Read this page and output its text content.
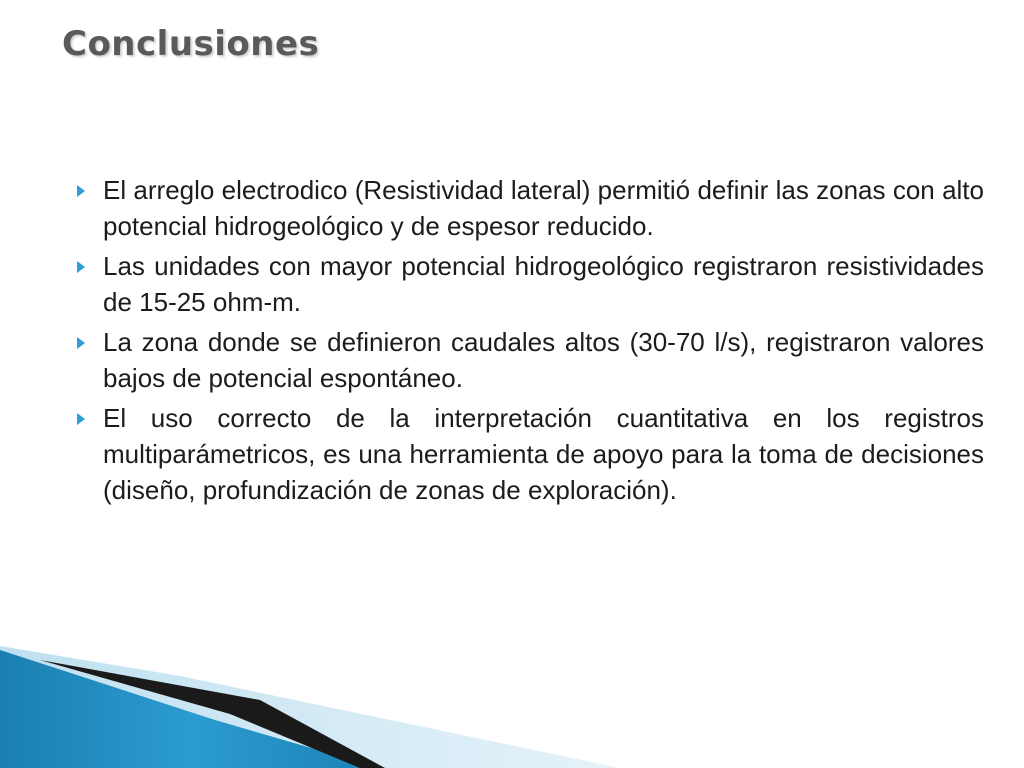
Conclusiones
El arreglo electrodico (Resistividad lateral) permitió definir las zonas con alto potencial hidrogeológico y de espesor reducido.
Las unidades con mayor potencial hidrogeológico registraron resistividades de 15-25 ohm-m.
La zona donde se definieron caudales altos (30-70 l/s), registraron valores bajos de potencial espontáneo.
El uso correcto de la interpretación cuantitativa en los registros multiparámetricos, es una herramienta de apoyo para la toma de decisiones (diseño, profundización de zonas de exploración).
